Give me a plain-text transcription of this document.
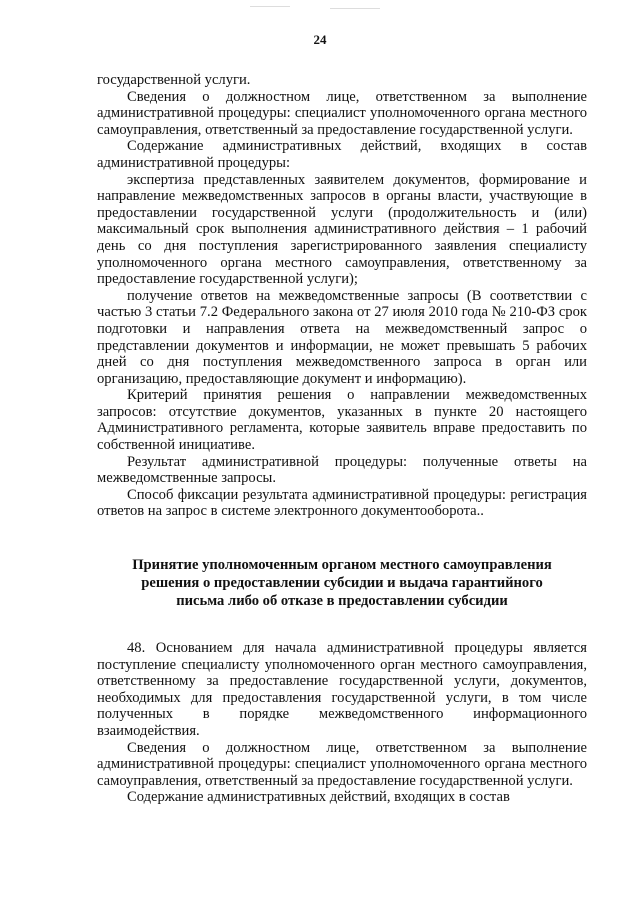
24

государственной услуги.

Сведения о должностном лице, ответственном за выполнение административной процедуры: специалист уполномоченного органа местного самоуправления, ответственный за предоставление государственной услуги.

Содержание административных действий, входящих в состав административной процедуры:

экспертиза представленных заявителем документов, формирование и направление межведомственных запросов в органы власти, участвующие в предоставлении государственной услуги (продолжительность и (или) максимальный срок выполнения административного действия – 1 рабочий день со дня поступления зарегистрированного заявления специалисту уполномоченного органа местного самоуправления, ответственному за предоставление государственной услуги);

получение ответов на межведомственные запросы (В соответствии с частью 3 статьи 7.2 Федерального закона от 27 июля 2010 года № 210-ФЗ срок подготовки и направления ответа на межведомственный запрос о представлении документов и информации, не может превышать 5 рабочих дней со дня поступления межведомственного запроса в орган или организацию, предоставляющие документ и информацию).

Критерий принятия решения о направлении межведомственных запросов: отсутствие документов, указанных в пункте 20 настоящего Административного регламента, которые заявитель вправе предоставить по собственной инициативе.

Результат административной процедуры: полученные ответы на межведомственные запросы.

Способ фиксации результата административной процедуры: регистрация ответов на запрос в системе электронного документооборота..

Принятие уполномоченным органом местного самоуправления
решения о предоставлении субсидии и выдача гарантийного
письма либо об отказе в предоставлении субсидии

48. Основанием для начала административной процедуры является поступление специалисту уполномоченного орган местного самоуправления, ответственному за предоставление государственной услуги, документов, необходимых для предоставления государственной услуги, в том числе полученных в порядке межведомственного информационного взаимодействия.

Сведения о должностном лице, ответственном за выполнение административной процедуры: специалист уполномоченного органа местного самоуправления, ответственный за предоставление государственной услуги.

Содержание административных действий, входящих в состав
